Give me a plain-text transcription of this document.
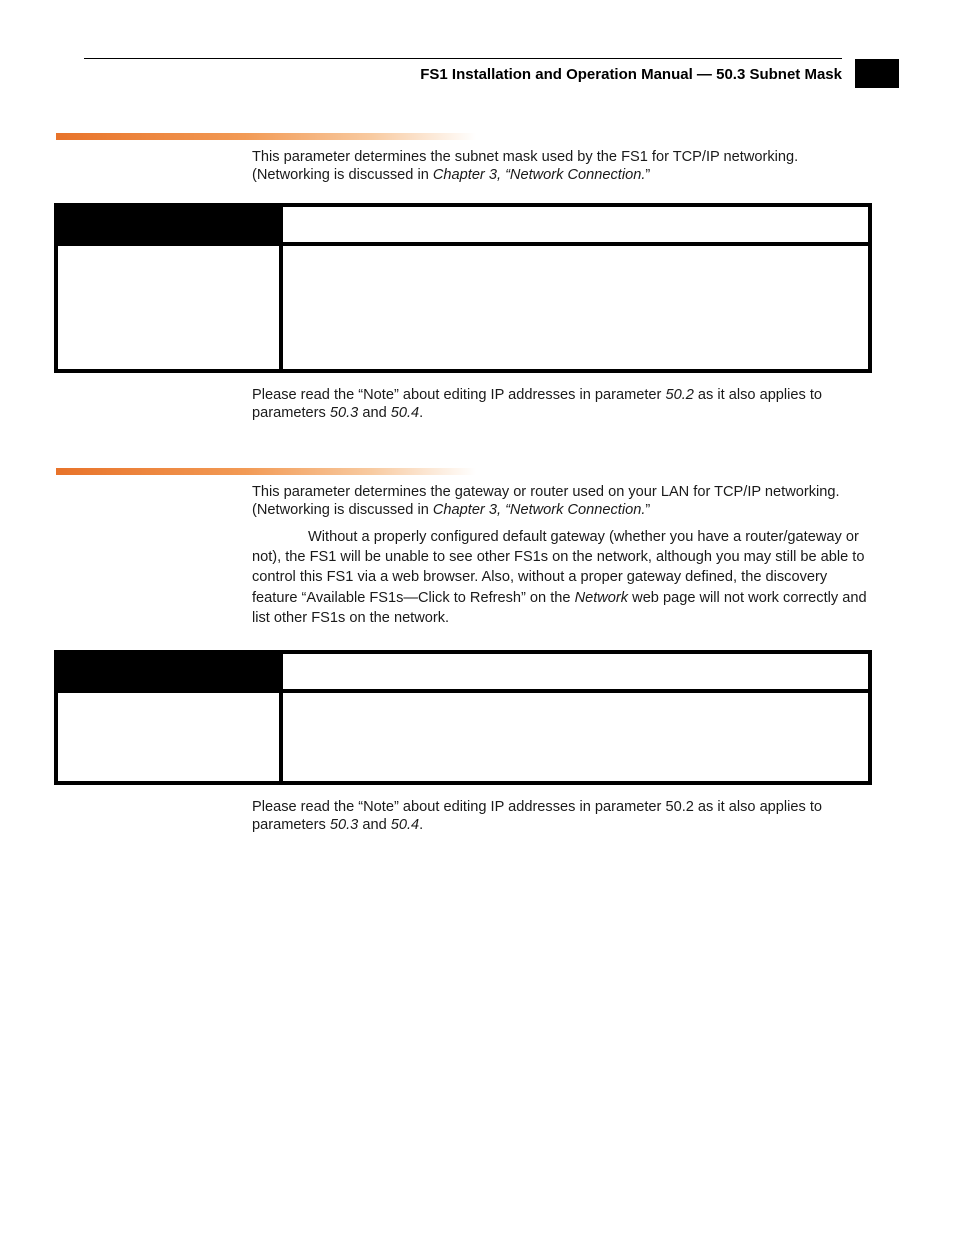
FS1 Installation and Operation Manual — 50.3 Subnet Mask

This parameter determines the subnet mask used by the FS1 for TCP/IP networking. (Networking is discussed in Chapter 3, “Network Connection.”

Please read the “Note” about editing IP addresses in parameter 50.2 as it also applies to parameters 50.3 and 50.4.

This parameter determines the gateway or router used on your LAN for TCP/IP networking. (Networking is discussed in Chapter 3, “Network Connection.”

Without a properly configured default gateway (whether you have a router/gateway or not), the FS1 will be unable to see other FS1s on the network, although you may still be able to control this FS1 via a web browser. Also, without a proper gateway defined, the discovery feature “Available FS1s—Click to Refresh” on the Network web page will not work correctly and list other FS1s on the network.

Please read the “Note” about editing IP addresses in parameter 50.2 as it also applies to parameters 50.3 and 50.4.
